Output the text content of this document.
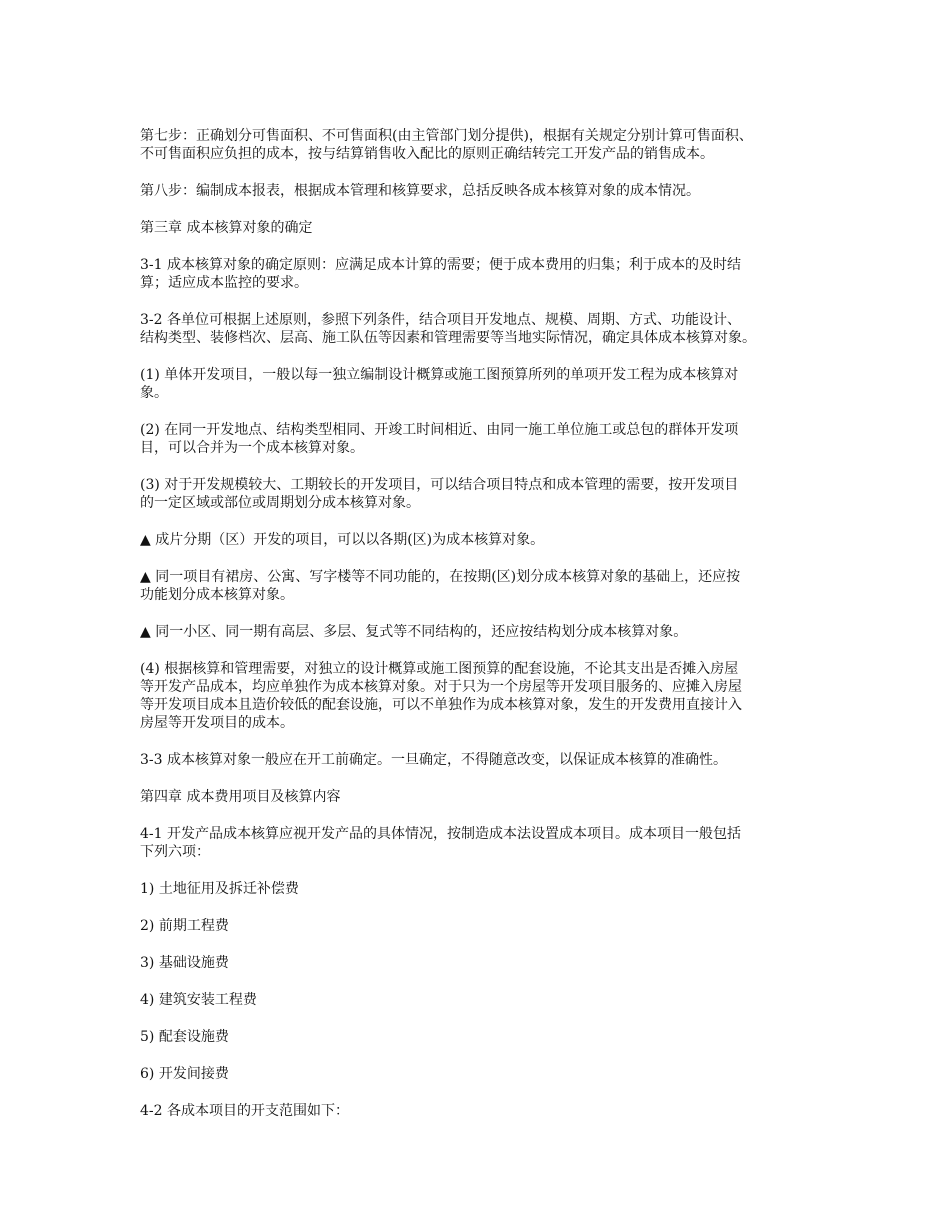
第七步：正确划分可售面积、不可售面积(由主管部门划分提供)，根据有关规定分别计算可售面积、
不可售面积应负担的成本，按与结算销售收入配比的原则正确结转完工开发产品的销售成本。

第八步：编制成本报表，根据成本管理和核算要求，总括反映各成本核算对象的成本情况。

第三章 成本核算对象的确定

3-1 成本核算对象的确定原则：应满足成本计算的需要；便于成本费用的归集；利于成本的及时结
算；适应成本监控的要求。

3-2 各单位可根据上述原则，参照下列条件，结合项目开发地点、规模、周期、方式、功能设计、
结构类型、装修档次、层高、施工队伍等因素和管理需要等当地实际情况，确定具体成本核算对象。

(1) 单体开发项目，一般以每一独立编制设计概算或施工图预算所列的单项开发工程为成本核算对
象。

(2) 在同一开发地点、结构类型相同、开竣工时间相近、由同一施工单位施工或总包的群体开发项
目，可以合并为一个成本核算对象。

(3) 对于开发规模较大、工期较长的开发项目，可以结合项目特点和成本管理的需要，按开发项目
的一定区域或部位或周期划分成本核算对象。

▲ 成片分期（区）开发的项目，可以以各期(区)为成本核算对象。

▲ 同一项目有裙房、公寓、写字楼等不同功能的，在按期(区)划分成本核算对象的基础上，还应按
功能划分成本核算对象。

▲ 同一小区、同一期有高层、多层、复式等不同结构的，还应按结构划分成本核算对象。

(4) 根据核算和管理需要，对独立的设计概算或施工图预算的配套设施，不论其支出是否摊入房屋
等开发产品成本，均应单独作为成本核算对象。对于只为一个房屋等开发项目服务的、应摊入房屋
等开发项目成本且造价较低的配套设施，可以不单独作为成本核算对象，发生的开发费用直接计入
房屋等开发项目的成本。

3-3 成本核算对象一般应在开工前确定。一旦确定，不得随意改变，以保证成本核算的准确性。

第四章 成本费用项目及核算内容

4-1 开发产品成本核算应视开发产品的具体情况，按制造成本法设置成本项目。成本项目一般包括
下列六项：

1) 土地征用及拆迁补偿费

2) 前期工程费

3) 基础设施费

4) 建筑安装工程费

5) 配套设施费

6) 开发间接费

4-2 各成本项目的开支范围如下：
